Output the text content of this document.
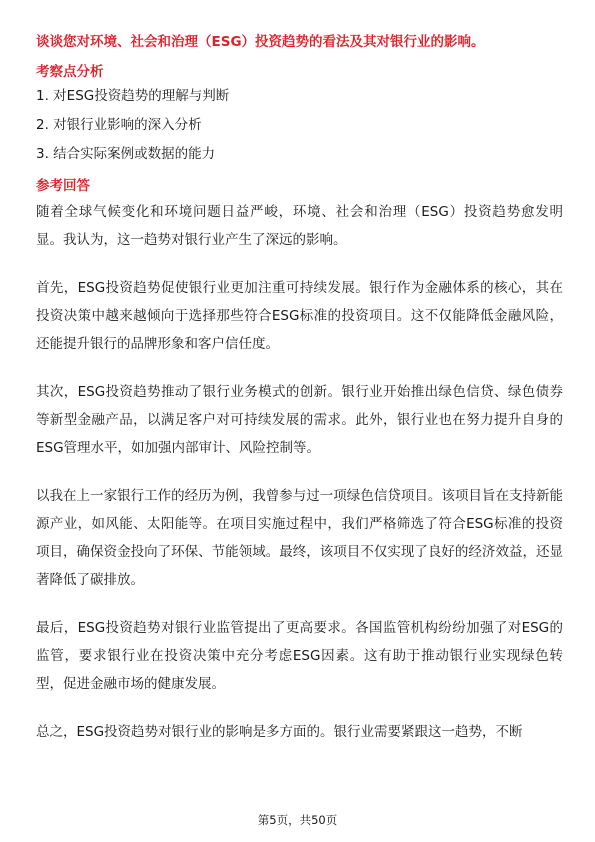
谈谈您对环境、社会和治理（ESG）投资趋势的看法及其对银行业的影响。
考察点分析
1. 对ESG投资趋势的理解与判断
2. 对银行业影响的深入分析
3. 结合实际案例或数据的能力
参考回答

随着全球气候变化和环境问题日益严峻，环境、社会和治理（ESG）投资趋势愈发明显。我认为，这一趋势对银行业产生了深远的影响。

首先，ESG投资趋势促使银行业更加注重可持续发展。银行作为金融体系的核心，其在投资决策中越来越倾向于选择那些符合ESG标准的投资项目。这不仅能降低金融风险，还能提升银行的品牌形象和客户信任度。

其次，ESG投资趋势推动了银行业务模式的创新。银行业开始推出绿色信贷、绿色债券等新型金融产品，以满足客户对可持续发展的需求。此外，银行业也在努力提升自身的ESG管理水平，如加强内部审计、风险控制等。

以我在上一家银行工作的经历为例，我曾参与过一项绿色信贷项目。该项目旨在支持新能源产业，如风能、太阳能等。在项目实施过程中，我们严格筛选了符合ESG标准的投资项目，确保资金投向了环保、节能领域。最终，该项目不仅实现了良好的经济效益，还显著降低了碳排放。

最后，ESG投资趋势对银行业监管提出了更高要求。各国监管机构纷纷加强了对ESG的监管，要求银行业在投资决策中充分考虑ESG因素。这有助于推动银行业实现绿色转型，促进金融市场的健康发展。

总之，ESG投资趋势对银行业的影响是多方面的。银行业需要紧跟这一趋势，不断

第5页，共50页
